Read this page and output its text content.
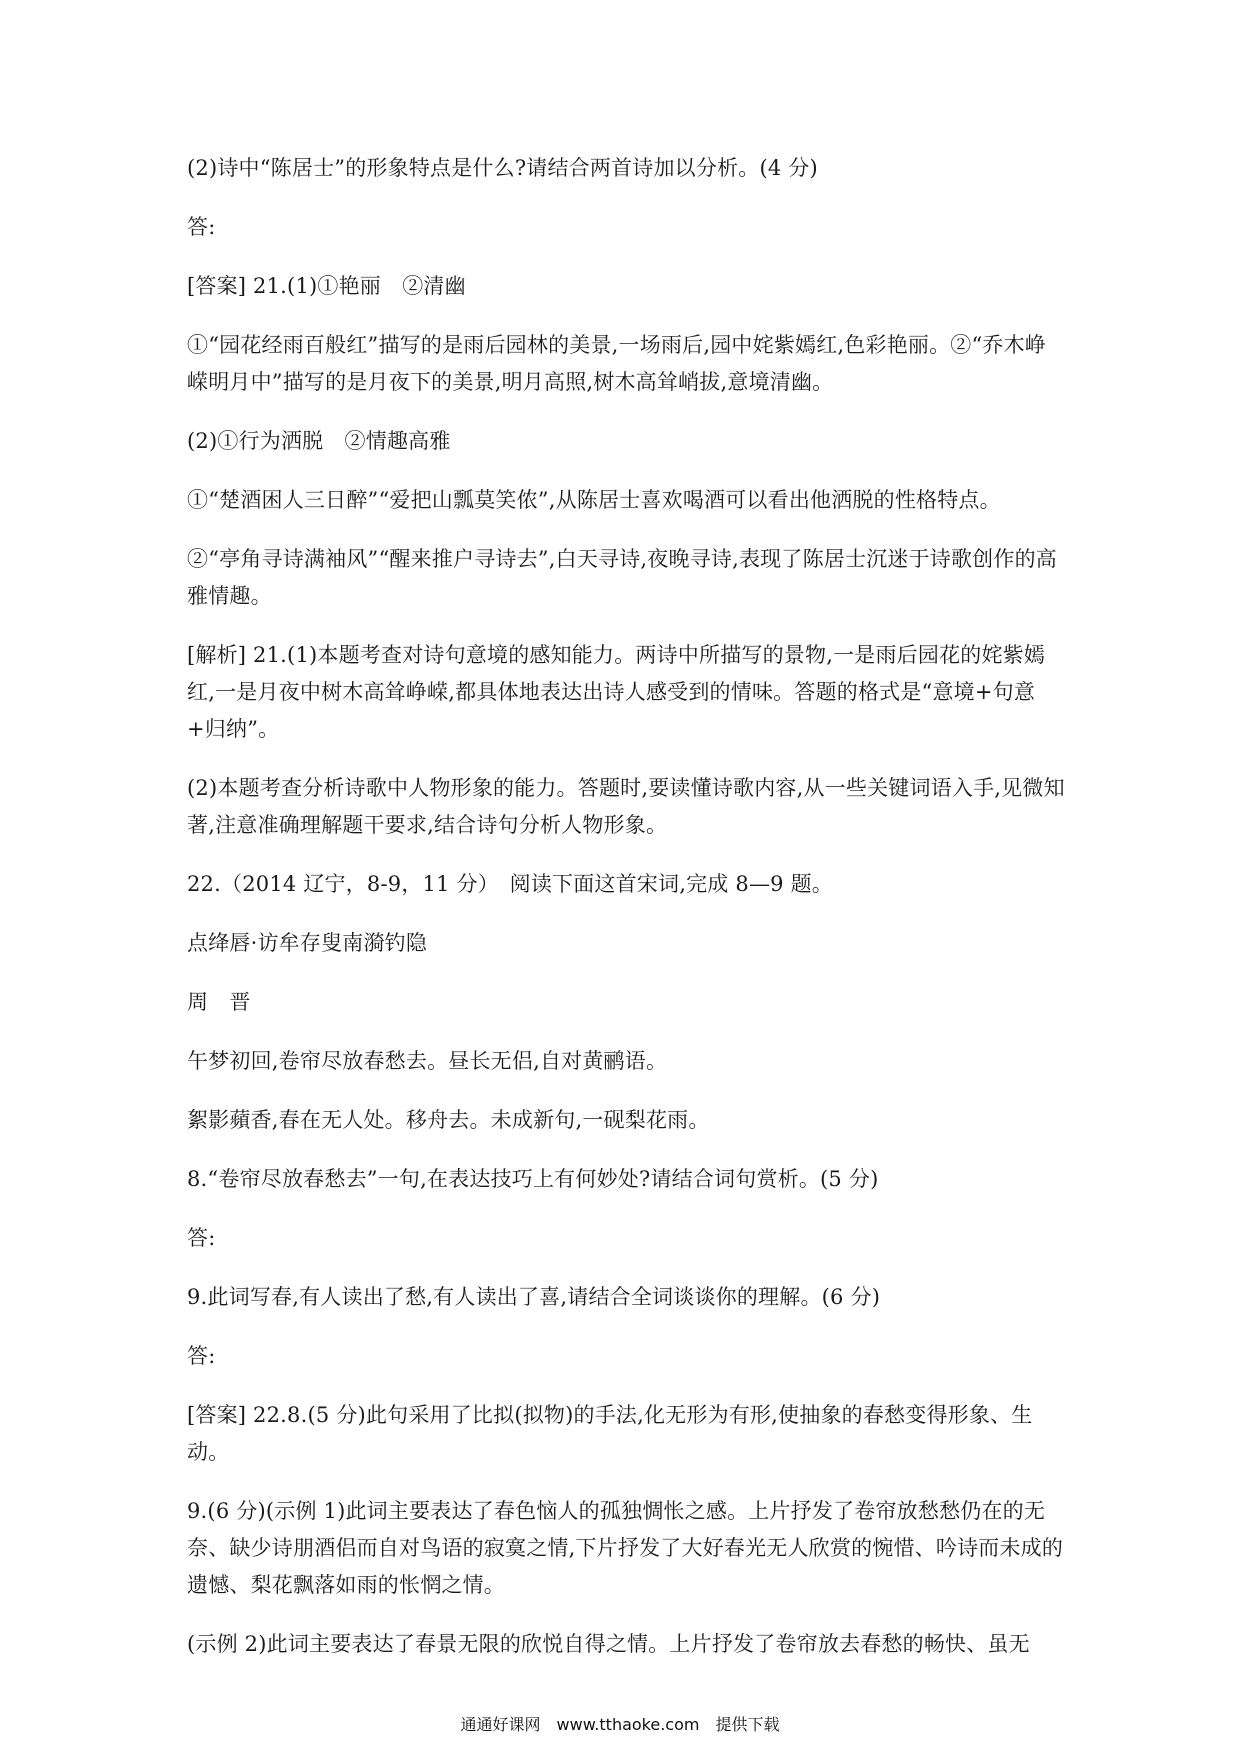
(2)诗中“陈居士”的形象特点是什么?请结合两首诗加以分析。(4 分)

答:

[答案] 21.(1)①艳丽　②清幽

①“园花经雨百般红”描写的是雨后园林的美景,一场雨后,园中姹紫嫣红,色彩艳丽。②“乔木峥嵘明月中”描写的是月夜下的美景,明月高照,树木高耸峭拔,意境清幽。

(2)①行为洒脱　②情趣高雅

①“楚酒困人三日醉”“爱把山瓢莫笑侬”,从陈居士喜欢喝酒可以看出他洒脱的性格特点。

②“亭角寻诗满袖风”“醒来推户寻诗去”,白天寻诗,夜晚寻诗,表现了陈居士沉迷于诗歌创作的高雅情趣。

[解析] 21.(1)本题考查对诗句意境的感知能力。两诗中所描写的景物,一是雨后园花的姹紫嫣红,一是月夜中树木高耸峥嵘,都具体地表达出诗人感受到的情味。答题的格式是“意境+句意+归纳”。

(2)本题考查分析诗歌中人物形象的能力。答题时,要读懂诗歌内容,从一些关键词语入手,见微知著,注意准确理解题干要求,结合诗句分析人物形象。

22.（2014 辽宁，8-9，11 分）　阅读下面这首宋词,完成 8—9 题。

点绛唇·访牟存叟南漪钓隐

周　晋

午梦初回,卷帘尽放春愁去。昼长无侣,自对黄鹂语。

絮影蘋香,春在无人处。移舟去。未成新句,一砚梨花雨。

8.“卷帘尽放春愁去”一句,在表达技巧上有何妙处?请结合词句赏析。(5 分)

答:

9.此词写春,有人读出了愁,有人读出了喜,请结合全词谈谈你的理解。(6 分)

答:

[答案] 22.8.(5 分)此句采用了比拟(拟物)的手法,化无形为有形,使抽象的春愁变得形象、生动。

9.(6 分)(示例 1)此词主要表达了春色恼人的孤独惆怅之感。上片抒发了卷帘放愁愁仍在的无奈、缺少诗朋酒侣而自对鸟语的寂寞之情,下片抒发了大好春光无人欣赏的惋惜、吟诗而未成的遗憾、梨花飘落如雨的怅惘之情。

(示例 2)此词主要表达了春景无限的欣悦自得之情。上片抒发了卷帘放去春愁的畅快、虽无

通通好课网　www.tthaoke.com　提供下载
